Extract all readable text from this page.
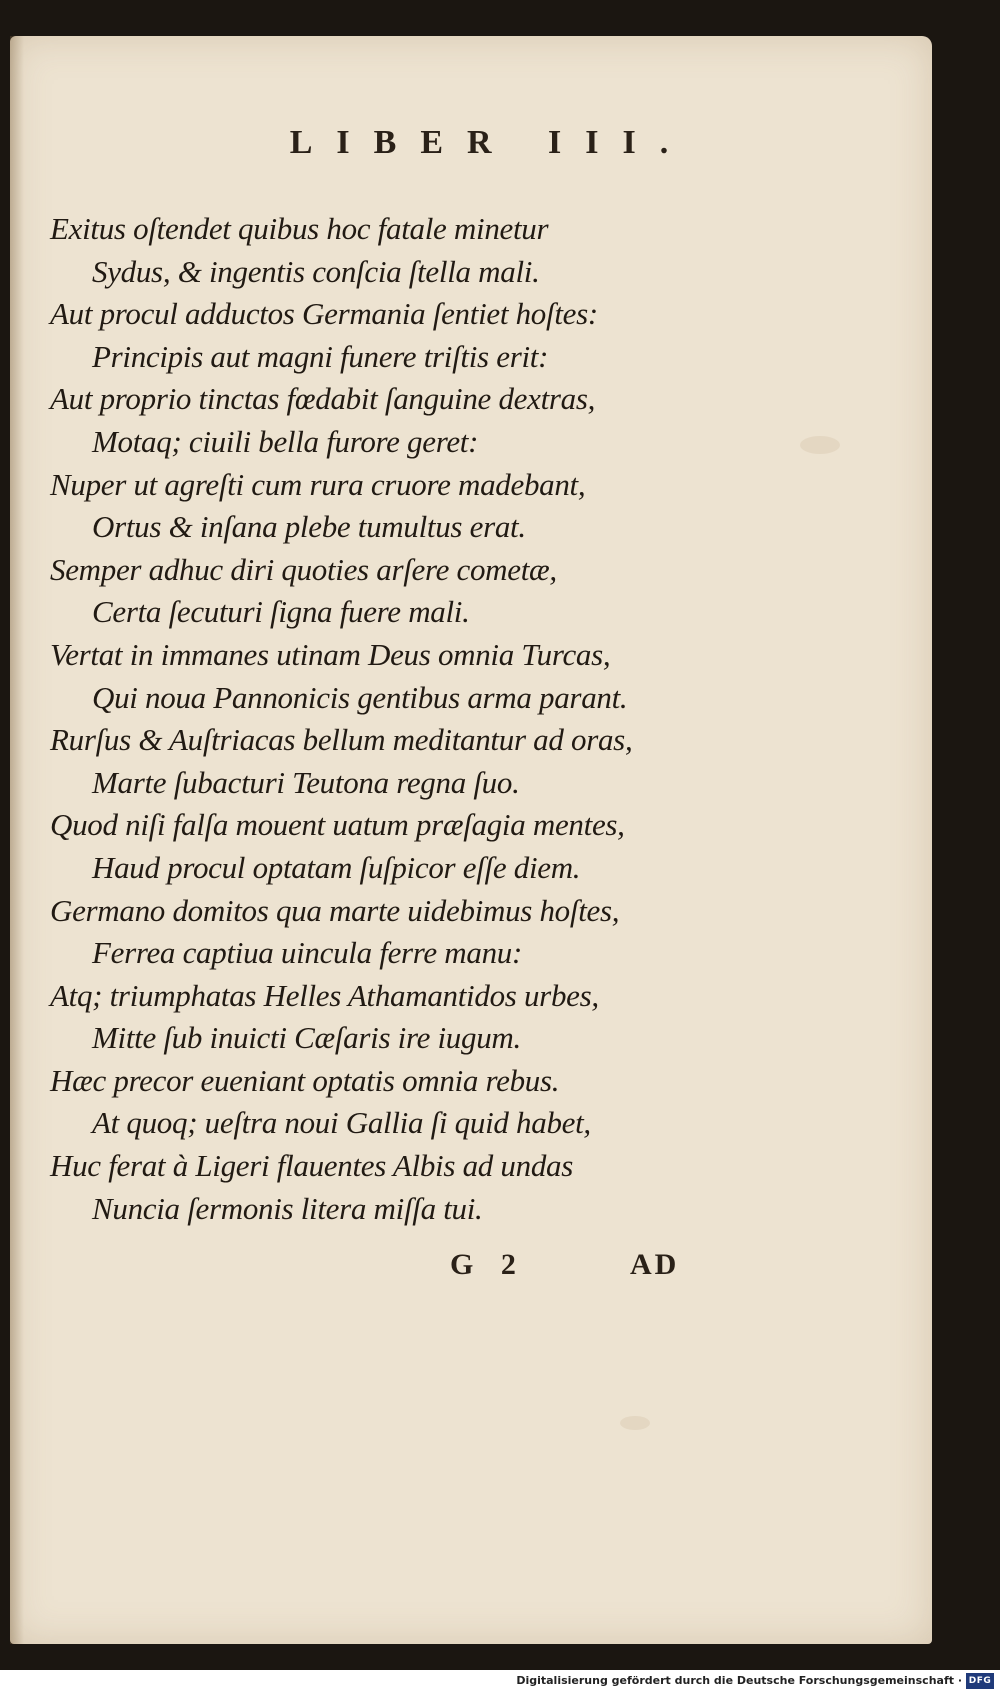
LIBER III.
Exitus oſtendet quibus hoc fatale minetur
Sydus, & ingentis conſcia ſtella mali.
Aut procul adductos Germania ſentiet hoſtes:
Principis aut magni funere triſtis erit:
Aut proprio tinctas fœdabit ſanguine dextras,
Motaq; ciuili bella furore geret:
Nuper ut agreſti cum rura cruore madebant,
Ortus & inſana plebe tumultus erat.
Semper adhuc diri quoties arſere cometæ,
Certa ſecuturi ſigna fuere mali.
Vertat in immanes utinam Deus omnia Turcas,
Qui noua Pannonicis gentibus arma parant.
Rurſus & Auſtriacas bellum meditantur ad oras,
Marte ſubacturi Teutona regna ſuo.
Quod niſi falſa mouent uatum præſagia mentes,
Haud procul optatam ſuſpicor eſſe diem.
Germano domitos qua marte uidebimus hoſtes,
Ferrea captiua uincula ferre manu:
Atq; triumphatas Helles Athamantidos urbes,
Mitte ſub inuicti Cæſaris ire iugum.
Hæc precor eueniant optatis omnia rebus.
At quoq; ueſtra noui Gallia ſi quid habet,
Huc ferat à Ligeri flauentes Albis ad undas
Nuncia ſermonis litera miſſa tui.
G 2	AD
Digitalisierung gefördert durch die Deutsche Forschungsgemeinschaft · DFG
